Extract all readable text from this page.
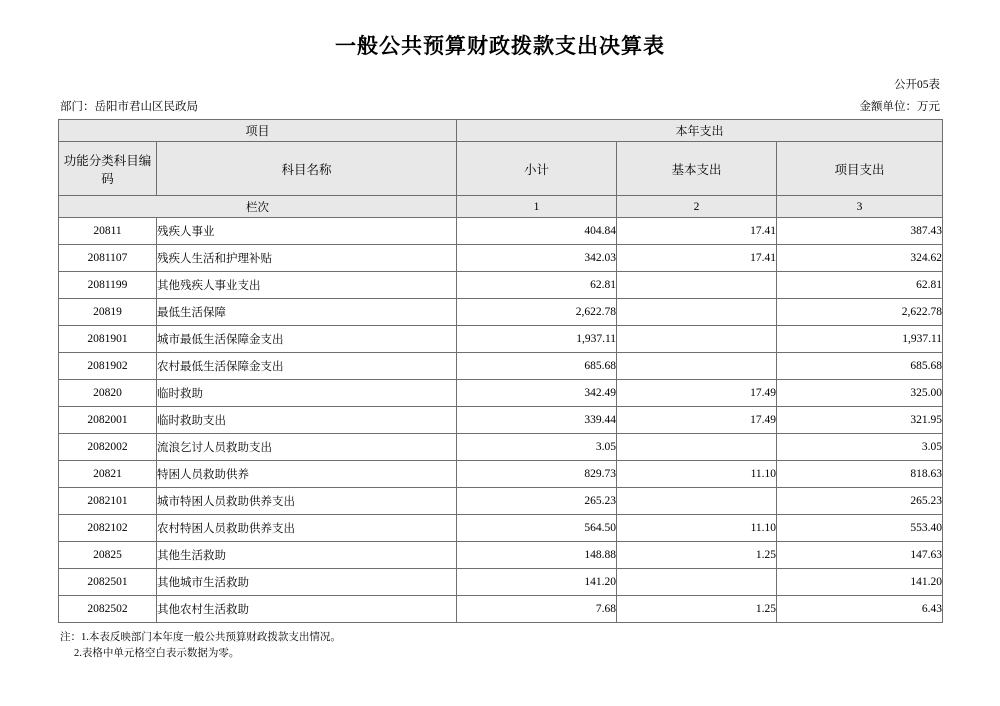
一般公共预算财政拨款支出决算表
公开05表
部门：岳阳市君山区民政局	金额单位：万元
项目		本年支出		
功能分类科目编码	科目名称	小计	基本支出	项目支出
栏次		1	2	3
20811	残疾人事业	404.84	17.41	387.43
2081107	残疾人生活和护理补贴	342.03	17.41	324.62
2081199	其他残疾人事业支出	62.81		62.81
20819	最低生活保障	2,622.78		2,622.78
2081901	城市最低生活保障金支出	1,937.11		1,937.11
2081902	农村最低生活保障金支出	685.68		685.68
20820	临时救助	342.49	17.49	325.00
2082001	临时救助支出	339.44	17.49	321.95
2082002	流浪乞讨人员救助支出	3.05		3.05
20821	特困人员救助供养	829.73	11.10	818.63
2082101	城市特困人员救助供养支出	265.23		265.23
2082102	农村特困人员救助供养支出	564.50	11.10	553.40
20825	其他生活救助	148.88	1.25	147.63
2082501	其他城市生活救助	141.20		141.20
2082502	其他农村生活救助	7.68	1.25	6.43
注：1.本表反映部门本年度一般公共预算财政拨款支出情况。
2.表格中单元格空白表示数据为零。
